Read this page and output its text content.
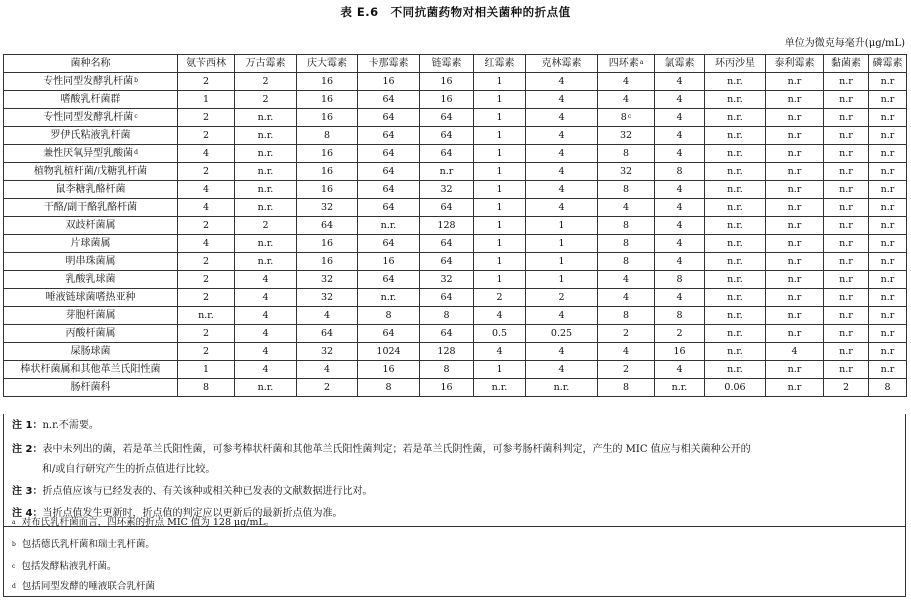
表 E.6　不同抗菌药物对相关菌种的折点值
单位为微克每毫升(μg/mL)
菌种名称	氨苄西林	万古霉素	庆大霉素	卡那霉素	链霉素	红霉素	克林霉素	四环素$^a$	氯霉素	环丙沙星	泰利霉素	黏菌素	磷霉素
专性同型发酵乳杆菌$^b$	2	2	16	16	16	1	4	4	4	n.r.	n.r	n.r	n.r
嗜酸乳杆菌群	1	2	16	64	16	1	4	4	4	n.r.	n.r	n.r	n.r
专性同型发酵乳杆菌$^c$	2	n.r.	16	64	64	1	4	8$^c$	4	n.r.	n.r	n.r	n.r
罗伊氏粘液乳杆菌	2	n.r.	8	64	64	1	4	32	4	n.r.	n.r	n.r	n.r
兼性厌氧异型乳酸菌$^d$	4	n.r.	16	64	64	1	4	8	4	n.r.	n.r	n.r	n.r
植物乳植杆菌/戊糖乳杆菌	2	n.r.	16	64	n.r	1	4	32	8	n.r.	n.r	n.r	n.r
鼠李糖乳酪杆菌	4	n.r.	16	64	32	1	4	8	4	n.r.	n.r	n.r	n.r
干酪/副干酪乳酪杆菌	4	n.r.	32	64	64	1	4	4	4	n.r.	n.r	n.r	n.r
双歧杆菌属	2	2	64	n.r.	128	1	1	8	4	n.r.	n.r	n.r	n.r
片球菌属	4	n.r.	16	64	64	1	1	8	4	n.r.	n.r	n.r	n.r
明串珠菌属	2	n.r.	16	16	64	1	1	8	4	n.r.	n.r	n.r	n.r
乳酸乳球菌	2	4	32	64	32	1	1	4	8	n.r.	n.r	n.r	n.r
唾液链球菌嗜热亚种	2	4	32	n.r.	64	2	2	4	4	n.r.	n.r	n.r	n.r
芽胞杆菌属	n.r.	4	4	8	8	4	4	8	8	n.r.	n.r	n.r	n.r
丙酸杆菌属	2	4	64	64	64	0.5	0.25	2	2	n.r.	n.r	n.r	n.r
屎肠球菌	2	4	32	1024	128	4	4	4	16	n.r.	4	n.r	n.r
棒状杆菌属和其他革兰氏阳性菌	1	4	4	16	8	1	4	2	4	n.r.	n.r	n.r	n.r
肠杆菌科	8	n.r.	2	8	16	n.r.	n.r.	8	n.r.	0.06	n.r	2	8
注 1：n.r.不需要。
注 2：表中未列出的菌，若是革兰氏阳性菌，可参考棒状杆菌和其他革兰氏阳性菌判定；若是革兰氏阴性菌，可参考肠杆菌科判定，产生的 MIC 值应与相关菌种公开的
和/或自行研究产生的折点值进行比较。
注 3：折点值应该与已经发表的、有关该种或相关种已发表的文献数据进行比对。
注 4：当折点值发生更新时，折点值的判定应以更新后的最新折点值为准。
$^a$ 对布氏乳杆菌而言，四环素的折点 MIC 值为 128 μg/mL。
$^b$ 包括德氏乳杆菌和瑞士乳杆菌。
$^c$ 包括发酵粘液乳杆菌。
$^d$ 包括同型发酵的唾液联合乳杆菌
